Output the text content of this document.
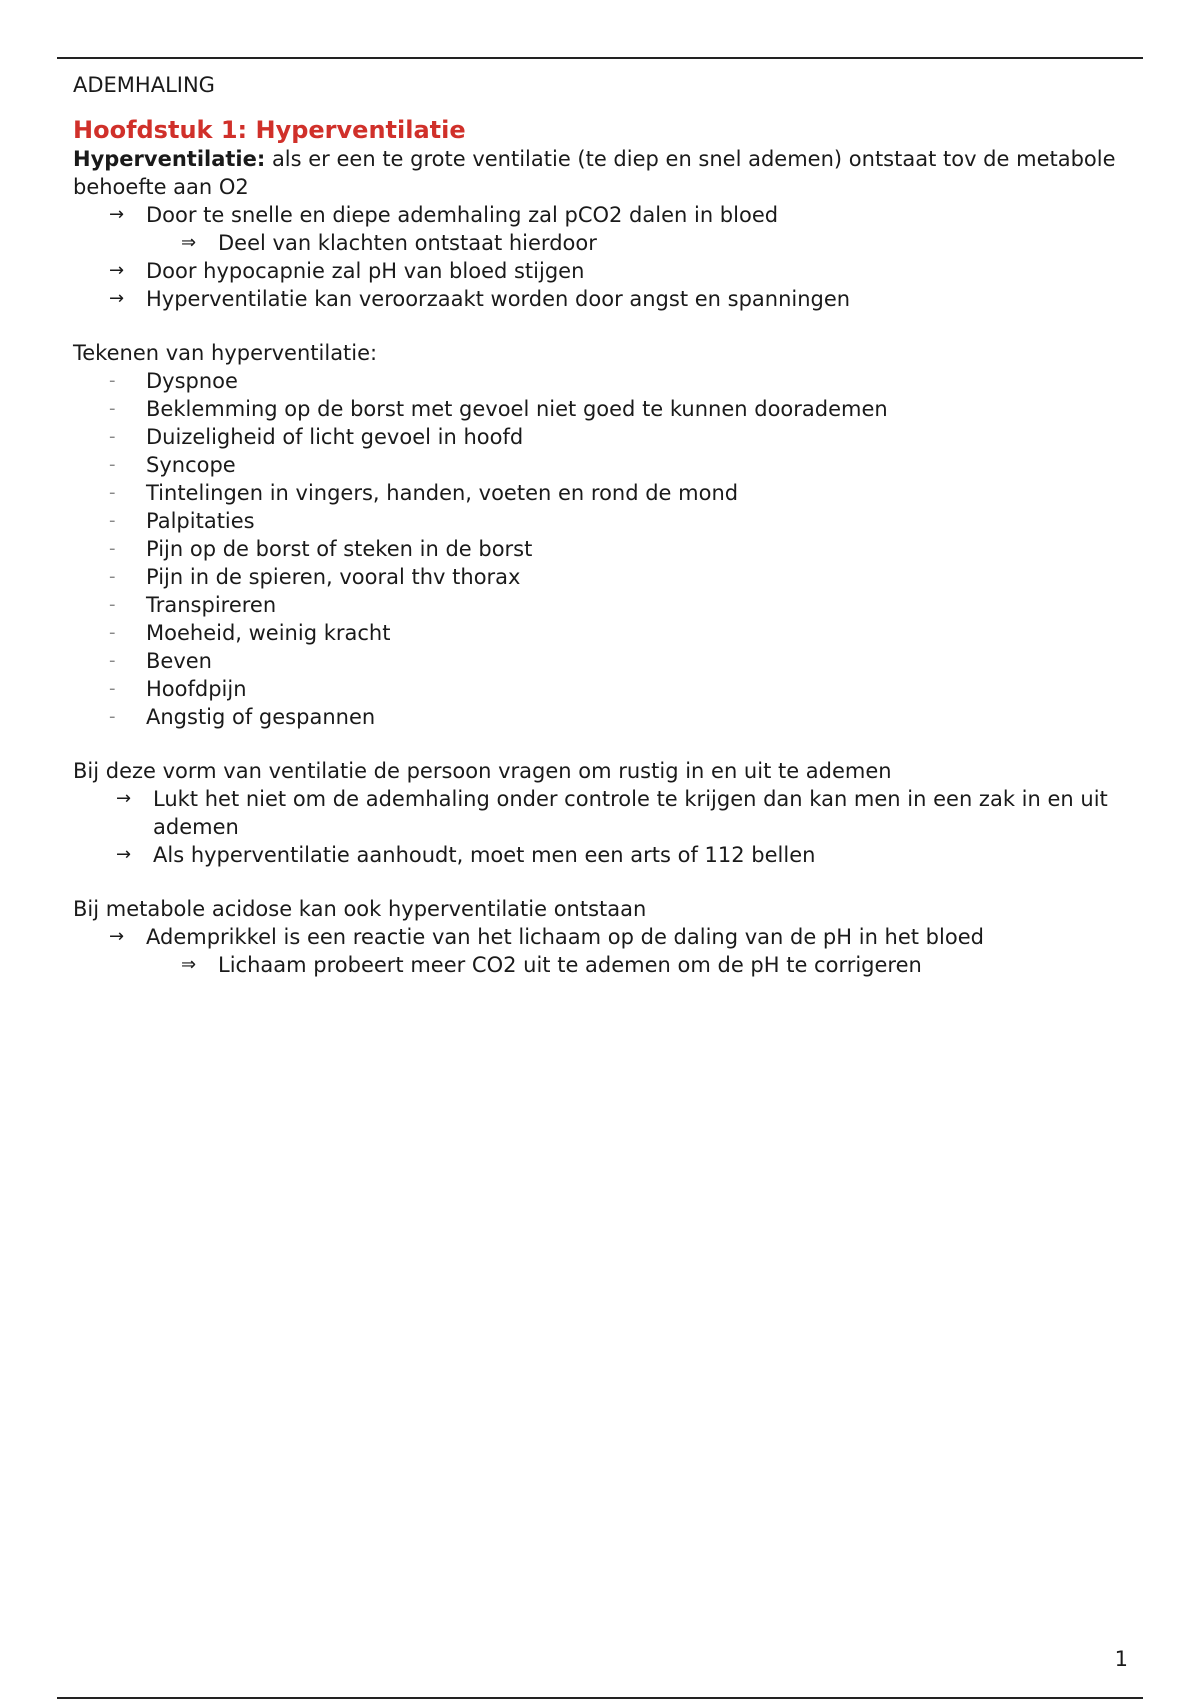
ADEMHALING

Hoofdstuk 1: Hyperventilatie

Hyperventilatie: als er een te grote ventilatie (te diep en snel ademen) ontstaat tov de metabole behoefte aan O2

→ Door te snelle en diepe ademhaling zal pCO2 dalen in bloed

⇒ Deel van klachten ontstaat hierdoor

→ Door hypocapnie zal pH van bloed stijgen

→ Hyperventilatie kan veroorzaakt worden door angst en spanningen

Tekenen van hyperventilatie:

- Dyspnoe

- Beklemming op de borst met gevoel niet goed te kunnen doorademen

- Duizeligheid of licht gevoel in hoofd

- Syncope

- Tintelingen in vingers, handen, voeten en rond de mond

- Palpitaties

- Pijn op de borst of steken in de borst

- Pijn in de spieren, vooral thv thorax

- Transpireren

- Moeheid, weinig kracht

- Beven

- Hoofdpijn

- Angstig of gespannen

Bij deze vorm van ventilatie de persoon vragen om rustig in en uit te ademen

→ Lukt het niet om de ademhaling onder controle te krijgen dan kan men in een zak in en uit ademen

→ Als hyperventilatie aanhoudt, moet men een arts of 112 bellen

Bij metabole acidose kan ook hyperventilatie ontstaan

→ Ademprikkel is een reactie van het lichaam op de daling van de pH in het bloed

⇒ Lichaam probeert meer CO2 uit te ademen om de pH te corrigeren

1
